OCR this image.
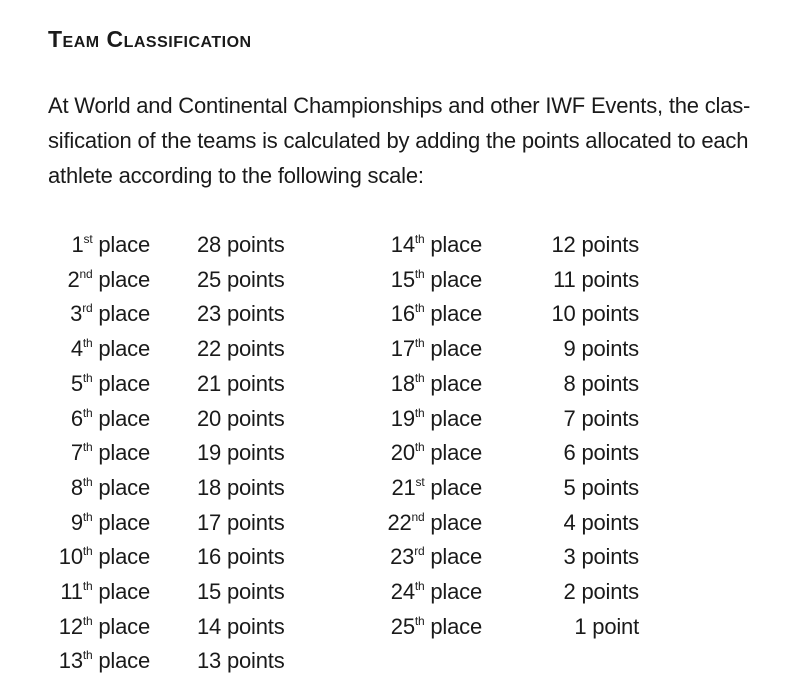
Team Classification
At World and Continental Championships and other IWF Events, the clas-
sification of the teams is calculated by adding the points allocated to each
athlete according to the following scale:
1st place 28 points	14th place	12 points
2nd place 25 points	15th place	11 points
3rd place 23 points	16th place	10 points
4th place 22 points	17th place	9 points
5th place 21 points	18th place	8 points
6th place 20 points	19th place	7 points
7th place 19 points	20th place	6 points
8th place 18 points	21st place	5 points
9th place 17 points	22nd place	4 points
10th place 16 points	23rd place	3 points
11th place 15 points	24th place	2 points
12th place 14 points	25th place	1 point
13th place 13 points
